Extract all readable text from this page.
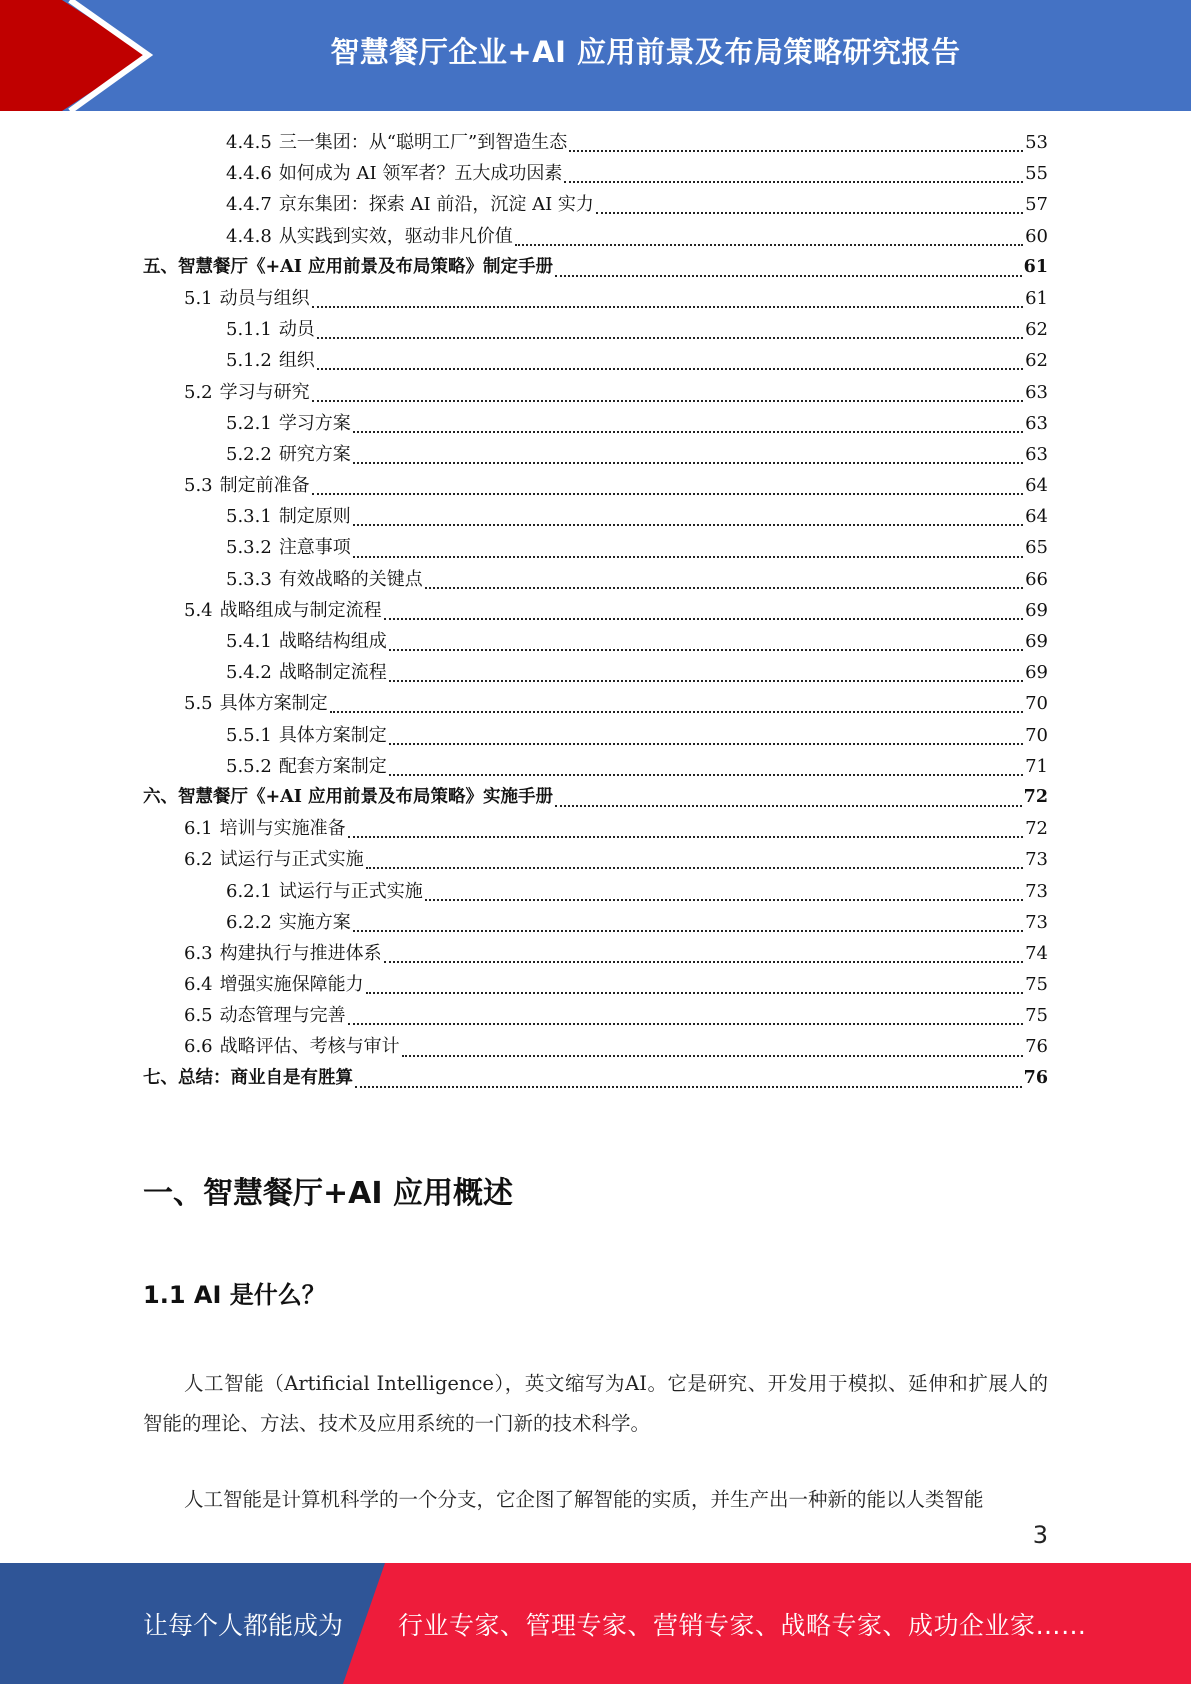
智慧餐厅企业+AI 应用前景及布局策略研究报告
4.4.5 三一集团：从“聪明工厂”到智造生态	53
4.4.6 如何成为 AI 领军者？五大成功因素	55
4.4.7 京东集团：探索 AI 前沿，沉淀 AI 实力	57
4.4.8 从实践到实效，驱动非凡价值	60
五、智慧餐厅《+AI 应用前景及布局策略》制定手册	61
5.1 动员与组织	61
5.1.1 动员	62
5.1.2 组织	62
5.2 学习与研究	63
5.2.1 学习方案	63
5.2.2 研究方案	63
5.3 制定前准备	64
5.3.1 制定原则	64
5.3.2 注意事项	65
5.3.3 有效战略的关键点	66
5.4 战略组成与制定流程	69
5.4.1 战略结构组成	69
5.4.2 战略制定流程	69
5.5 具体方案制定	70
5.5.1 具体方案制定	70
5.5.2 配套方案制定	71
六、智慧餐厅《+AI 应用前景及布局策略》实施手册	72
6.1 培训与实施准备	72
6.2 试运行与正式实施	73
6.2.1 试运行与正式实施	73
6.2.2 实施方案	73
6.3 构建执行与推进体系	74
6.4 增强实施保障能力	75
6.5 动态管理与完善	75
6.6 战略评估、考核与审计	76
七、总结：商业自是有胜算	76
一、智慧餐厅+AI 应用概述
1.1 AI 是什么？
人工智能（Artificial Intelligence），英文缩写为AI。它是研究、开发用于模拟、延伸和扩展人的智能的理论、方法、技术及应用系统的一门新的技术科学。
人工智能是计算机科学的一个分支，它企图了解智能的实质，并生产出一种新的能以人类智能
3
让每个人都能成为 行业专家、管理专家、营销专家、战略专家、成功企业家……
